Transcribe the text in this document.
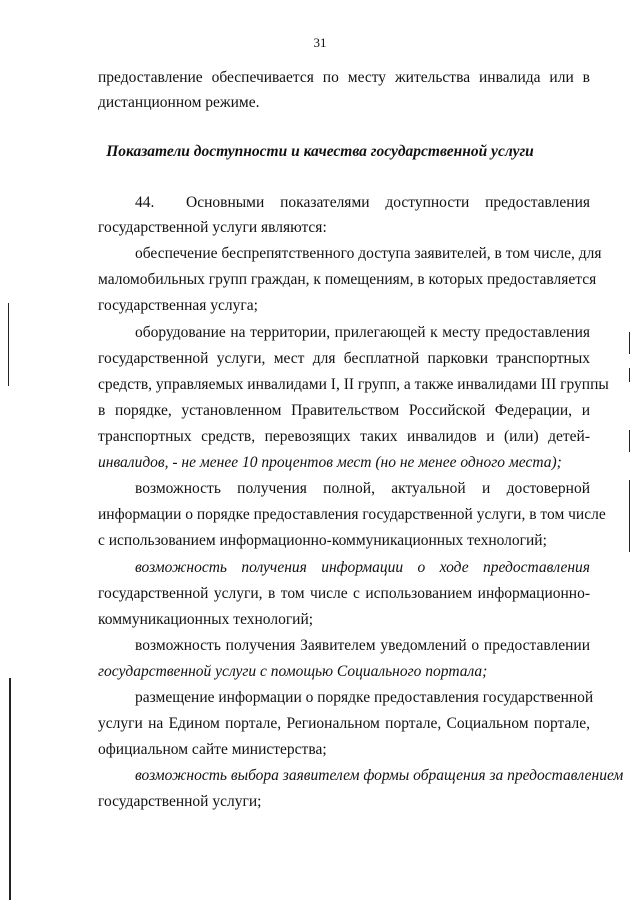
31
Показатели доступности и качества государственной услуги
предоставление обеспечивается по месту жительства инвалида или в
дистанционном режиме.
44.  Основными показателями доступности предоставления
государственной услуги являются:
обеспечение беспрепятственного доступа заявителей, в том числе, для
маломобильных групп граждан, к помещениям, в которых предоставляется
государственная услуга;
оборудование на территории, прилегающей к месту предоставления
государственной услуги, мест для бесплатной парковки транспортных
средств, управляемых инвалидами I, II групп, а также инвалидами III группы
в порядке, установленном Правительством Российской Федерации, и
транспортных средств, перевозящих таких инвалидов и (или) детей-
инвалидов, - не менее 10 процентов мест (но не менее одного места);
возможность получения полной, актуальной и достоверной
информации о порядке предоставления государственной услуги, в том числе
с использованием информационно-коммуникационных технологий;
возможность получения информации о ходе предоставления
государственной услуги, в том числе с использованием информационно-
коммуникационных технологий;
возможность получения Заявителем уведомлений о предоставлении
государственной услуги с помощью Социального портала;
размещение информации о порядке предоставления государственной
услуги на Едином портале, Региональном портале, Социальном портале,
официальном сайте министерства;
возможность выбора заявителем формы обращения за предоставлением
государственной услуги;
